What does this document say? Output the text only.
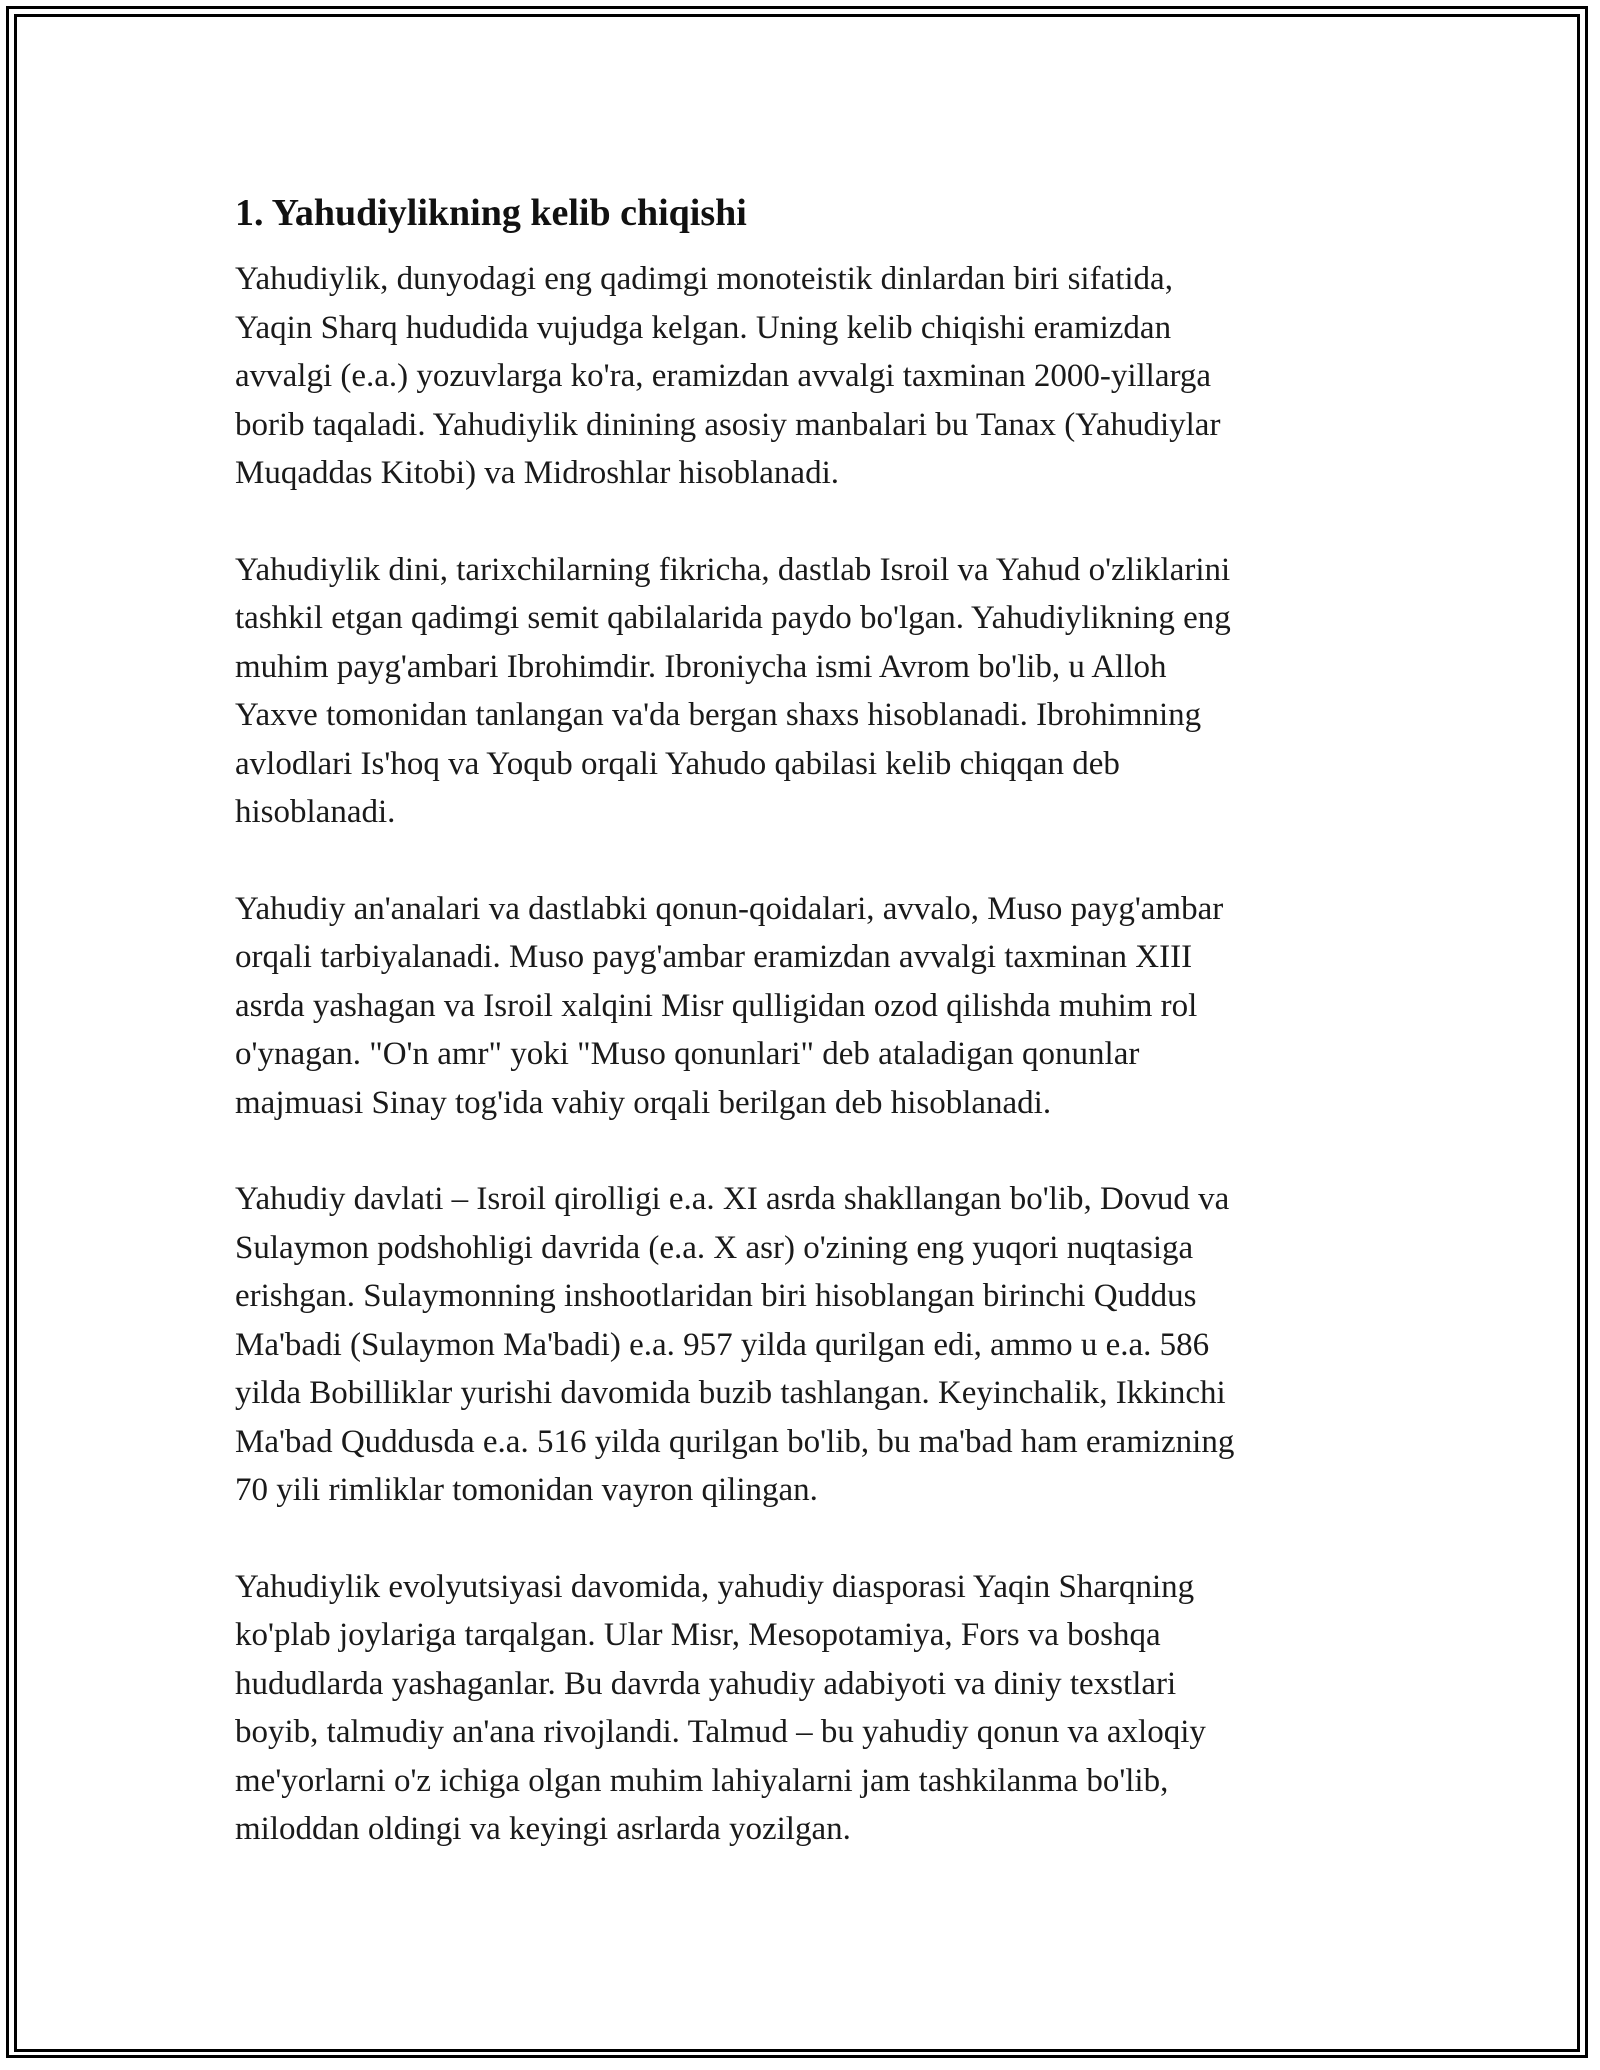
1. Yahudiylikning kelib chiqishi

Yahudiylik, dunyodagi eng qadimgi monoteistik dinlardan biri sifatida,
Yaqin Sharq hududida vujudga kelgan. Uning kelib chiqishi eramizdan
avvalgi (e.a.) yozuvlarga ko'ra, eramizdan avvalgi taxminan 2000-yillarga
borib taqaladi. Yahudiylik dinining asosiy manbalari bu Tanax (Yahudiylar
Muqaddas Kitobi) va Midroshlar hisoblanadi.

Yahudiylik dini, tarixchilarning fikricha, dastlab Isroil va Yahud o'zliklarini
tashkil etgan qadimgi semit qabilalarida paydo bo'lgan. Yahudiylikning eng
muhim payg'ambari Ibrohimdir. Ibroniycha ismi Avrom bo'lib, u Alloh
Yaxve tomonidan tanlangan va'da bergan shaxs hisoblanadi. Ibrohimning
avlodlari Is'hoq va Yoqub orqali Yahudo qabilasi kelib chiqqan deb
hisoblanadi.

Yahudiy an'analari va dastlabki qonun-qoidalari, avvalo, Muso payg'ambar
orqali tarbiyalanadi. Muso payg'ambar eramizdan avvalgi taxminan XIII
asrda yashagan va Isroil xalqini Misr qulligidan ozod qilishda muhim rol
o'ynagan. "O'n amr" yoki "Muso qonunlari" deb ataladigan qonunlar
majmuasi Sinay tog'ida vahiy orqali berilgan deb hisoblanadi.

Yahudiy davlati – Isroil qirolligi e.a. XI asrda shakllangan bo'lib, Dovud va
Sulaymon podshohligi davrida (e.a. X asr) o'zining eng yuqori nuqtasiga
erishgan. Sulaymonning inshootlaridan biri hisoblangan birinchi Quddus
Ma'badi (Sulaymon Ma'badi) e.a. 957 yilda qurilgan edi, ammo u e.a. 586
yilda Bobilliklar yurishi davomida buzib tashlangan. Keyinchalik, Ikkinchi
Ma'bad Quddusda e.a. 516 yilda qurilgan bo'lib, bu ma'bad ham eramizning
70 yili rimliklar tomonidan vayron qilingan.

Yahudiylik evolyutsiyasi davomida, yahudiy diasporasi Yaqin Sharqning
ko'plab joylariga tarqalgan. Ular Misr, Mesopotamiya, Fors va boshqa
hududlarda yashaganlar. Bu davrda yahudiy adabiyoti va diniy texstlari
boyib, talmudiy an'ana rivojlandi. Talmud – bu yahudiy qonun va axloqiy
me'yorlarni o'z ichiga olgan muhim lahiyalarni jam tashkilanma bo'lib,
miloddan oldingi va keyingi asrlarda yozilgan.
